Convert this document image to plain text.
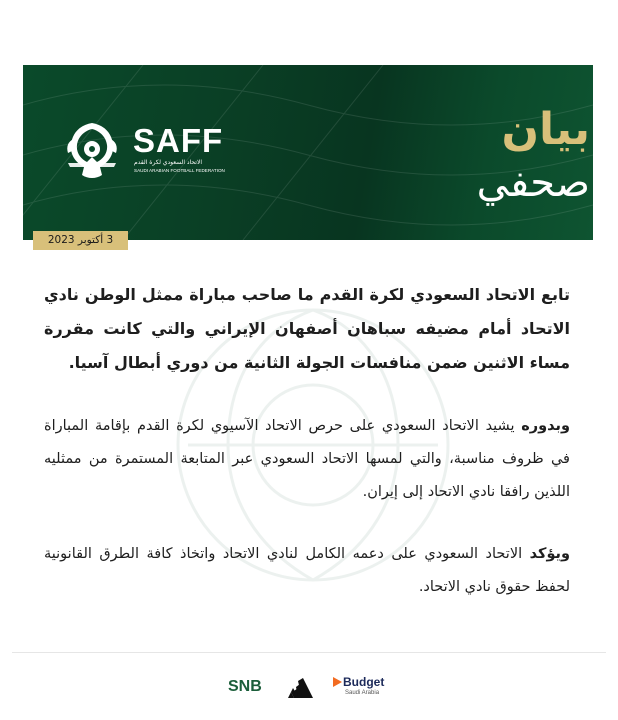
SAFF
الاتحاد السعودي لكرة القدم
SAUDI ARABIAN FOOTBALL FEDERATION
بيان
صحفي
3 أكتوبر 2023

تابع الاتحاد السعودي لكرة القدم ما صاحب مباراة ممثل الوطن نادي الاتحاد أمام مضيفه سباهان أصفهان الإيراني والتي كانت مقررة مساء الاثنين ضمن منافسات الجولة الثانية من دوري أبطال آسيا.

وبدوره يشيد الاتحاد السعودي على حرص الاتحاد الآسيوي لكرة القدم بإقامة المباراة في ظروف مناسبة، والتي لمسها الاتحاد السعودي عبر المتابعة المستمرة من ممثليه اللذين رافقا نادي الاتحاد إلى إيران.

ويؤكد الاتحاد السعودي على دعمه الكامل لنادي الاتحاد واتخاذ كافة الطرق القانونية لحفظ حقوق نادي الاتحاد.

SNB	Budget
Saudi Arabia
